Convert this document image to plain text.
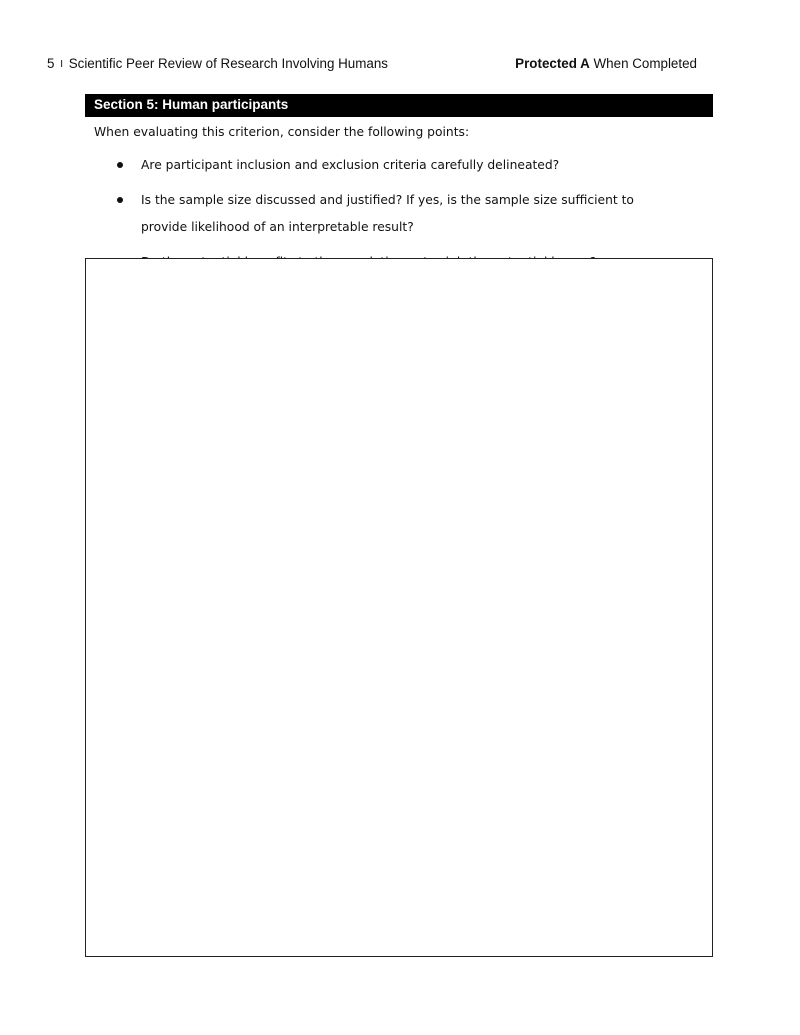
5 I Scientific Peer Review of Research Involving Humans	Protected A When Completed
Section 5: Human participants
When evaluating this criterion, consider the following points:
Are participant inclusion and exclusion criteria carefully delineated?
Is the sample size discussed and justified? If yes, is the sample size sufficient to provide likelihood of an interpretable result?
